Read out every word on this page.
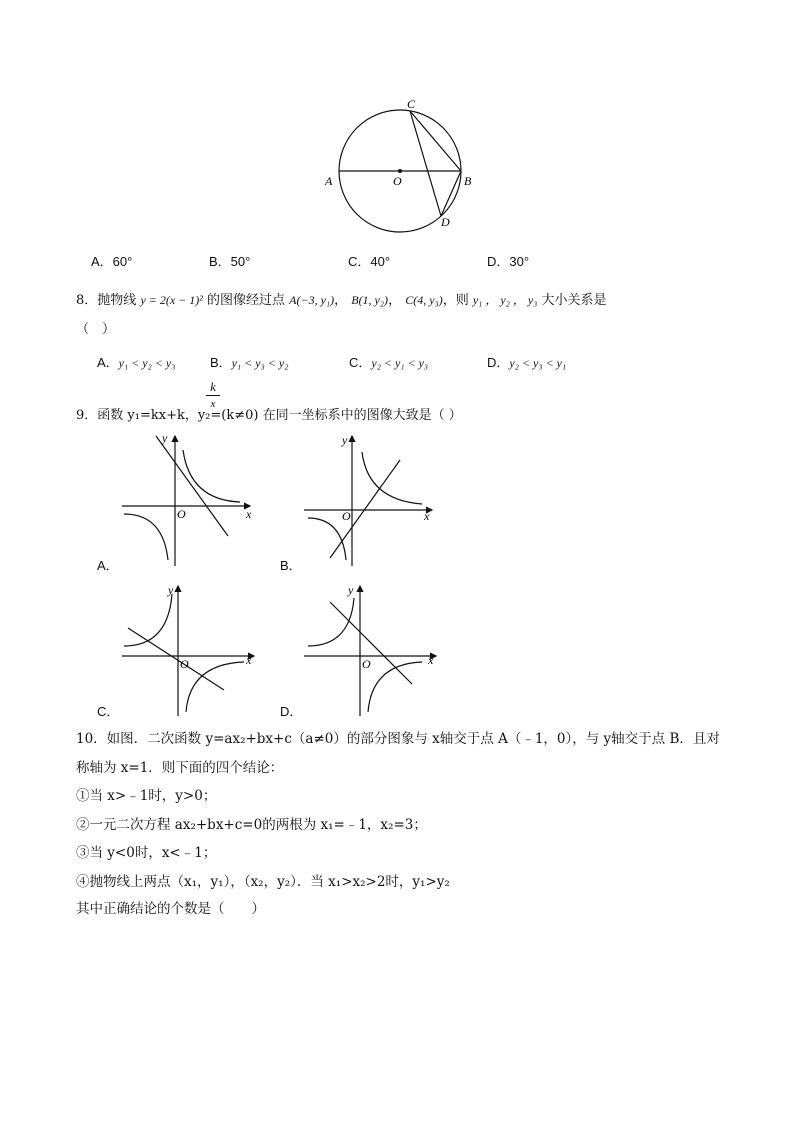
A	O	B
C
D
A．60°	B．50°	C．40°	D．30°
8．抛物线 y = 2(x − 1)² 的图像经过点 A(−3, y₁)， B(1, y₂)， C(4, y₃)，则 y₁ ， y₂ ， y₃ 大小关系是
（　）
A．y₁ < y₂ < y₃	B．y₁ < y₃ < y₂	C．y₂ < y₁ < y₃	D．y₂ < y₃ < y₁
9．函数 y₁=kx+k，y₂=(k≠0) 在同一坐标系中的图像大致是（ ）
k
x
y
x
O
A．
y
x
O
B．
y
x
O
C．
y
x
O
D．
10．如图．二次函数 y=ax₂+bx+c（a≠0）的部分图象与 x轴交于点 A（﹣1，0），与 y轴交于点 B．且对
称轴为 x=1．则下面的四个结论：
①当 x>﹣1时，y>0；
②一元二次方程 ax₂+bx+c=0的两根为 x₁=﹣1，x₂=3；
③当 y<0时，x<﹣1；
④抛物线上两点（x₁，y₁），（x₂，y₂）．当 x₁>x₂>2时，y₁>y₂
其中正确结论的个数是（　　）
